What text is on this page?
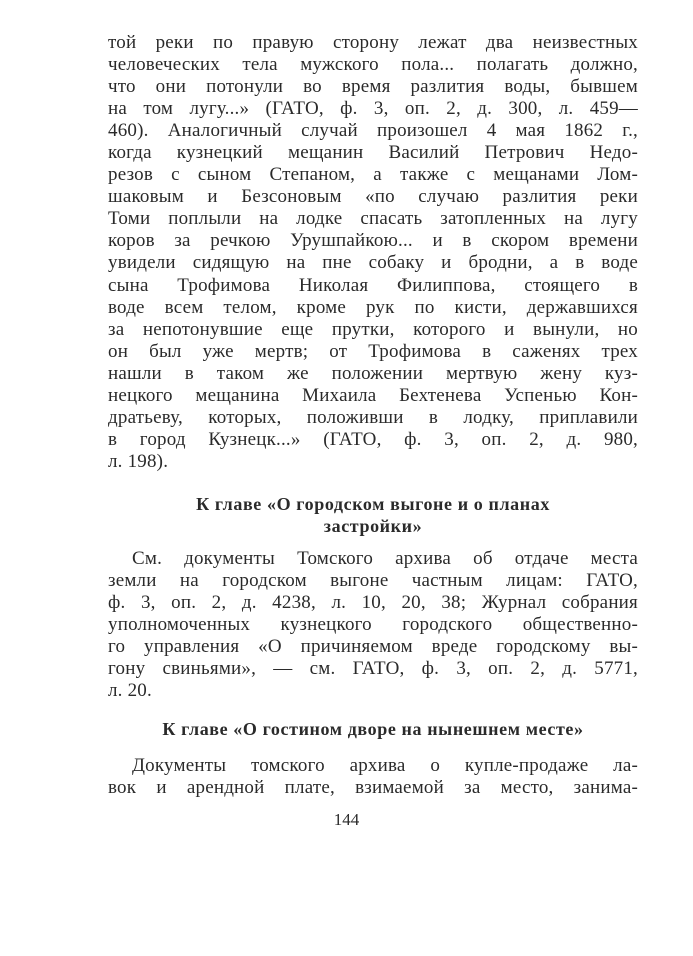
той реки по правую сторону лежат два неизвестных
человеческих тела мужского пола... полагать должно,
что они потонули во время разлития воды, бывшем
на том лугу...» (ГАТО, ф. 3, оп. 2, д. 300, л. 459—
460). Аналогичный случай произошел 4 мая 1862 г.,
когда кузнецкий мещанин Василий Петрович Недо-
резов с сыном Степаном, а также с мещанами Лом-
шаковым и Безсоновым «по случаю разлития реки
Томи поплыли на лодке спасать затопленных на лугу
коров за речкою Урушпайкою... и в скором времени
увидели сидящую на пне собаку и бродни, а в воде
сына Трофимова Николая Филиппова, стоящего в
воде всем телом, кроме рук по кисти, державшихся
за непотонувшие еще прутки, которого и вынули, но
он был уже мертв; от Трофимова в саженях трех
нашли в таком же положении мертвую жену куз-
нецкого мещанина Михаила Бехтенева Успенью Кон-
дратьеву, которых, положивши в лодку, приплавили
в город Кузнецк...» (ГАТО, ф. 3, оп. 2, д. 980,
л. 198).
К главе «О городском выгоне и о планах
застройки»
См. документы Томского архива об отдаче места
земли на городском выгоне частным лицам: ГАТО,
ф. 3, оп. 2, д. 4238, л. 10, 20, 38; Журнал собрания
уполномоченных кузнецкого городского общественно-
го управления «О причиняемом вреде городскому вы-
гону свиньями», — см. ГАТО, ф. 3, оп. 2, д. 5771,
л. 20.
К главе «О гостином дворе на нынешнем месте»
Документы томского архива о купле-продаже ла-
вок и арендной плате, взимаемой за место, занима-
144
